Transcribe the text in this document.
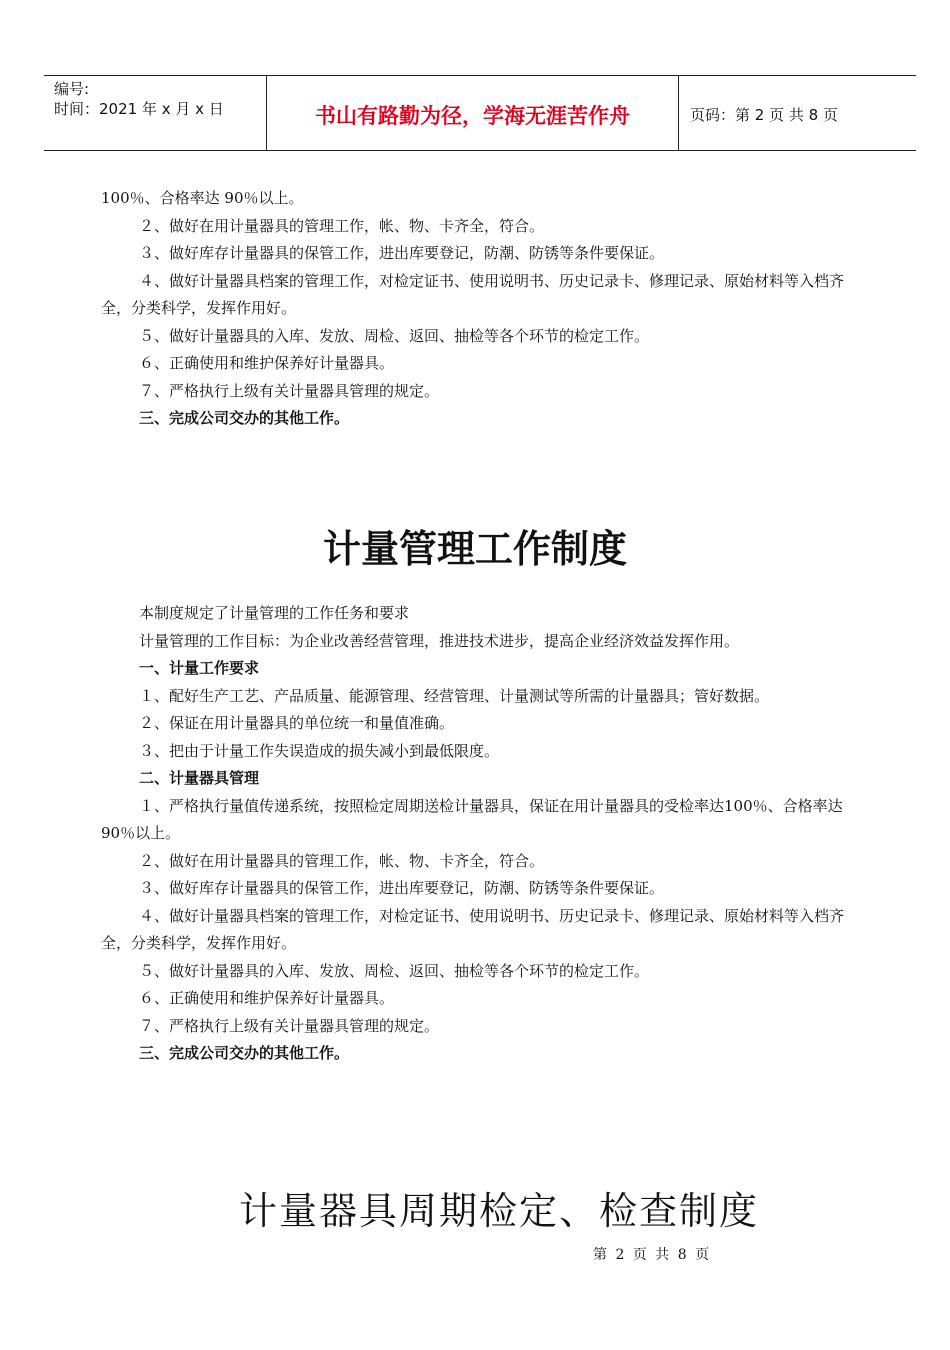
编号:
时间：2021 年 x 月 x 日	书山有路勤为径，学海无涯苦作舟	页码：第 2 页 共 8 页

100％、合格率达 90％以上。

２、做好在用计量器具的管理工作，帐、物、卡齐全，符合。

３、做好库存计量器具的保管工作，进出库要登记，防潮、防锈等条件要保证。

４、做好计量器具档案的管理工作，对检定证书、使用说明书、历史记录卡、修理记录、原始材料等入档齐全，分类科学，发挥作用好。

５、做好计量器具的入库、发放、周检、返回、抽检等各个环节的检定工作。

６、正确使用和维护保养好计量器具。

７、严格执行上级有关计量器具管理的规定。

三、完成公司交办的其他工作。

计量管理工作制度

本制度规定了计量管理的工作任务和要求

计量管理的工作目标：为企业改善经营管理，推进技术进步，提高企业经济效益发挥作用。

一、计量工作要求

１、配好生产工艺、产品质量、能源管理、经营管理、计量测试等所需的计量器具；管好数据。

２、保证在用计量器具的单位统一和量值准确。

３、把由于计量工作失误造成的损失减小到最低限度。

二、计量器具管理

１、严格执行量值传递系统，按照检定周期送检计量器具，保证在用计量器具的受检率达100％、合格率达 90％以上。

２、做好在用计量器具的管理工作，帐、物、卡齐全，符合。

３、做好库存计量器具的保管工作，进出库要登记，防潮、防锈等条件要保证。

４、做好计量器具档案的管理工作，对检定证书、使用说明书、历史记录卡、修理记录、原始材料等入档齐全，分类科学，发挥作用好。

５、做好计量器具的入库、发放、周检、返回、抽检等各个环节的检定工作。

６、正确使用和维护保养好计量器具。

７、严格执行上级有关计量器具管理的规定。

三、完成公司交办的其他工作。

计量器具周期检定、检查制度
第 2 页 共 8 页
